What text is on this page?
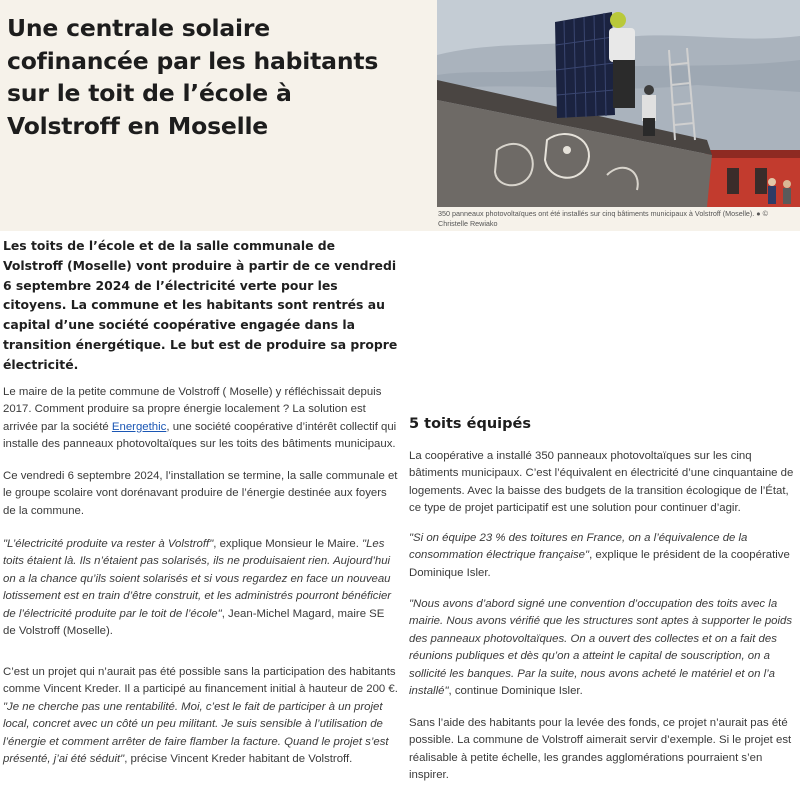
Une centrale solaire cofinancée par les habitants sur le toit de l’école à Volstroff en Moselle

350 panneaux photovoltaïques ont été installés sur cinq bâtiments municipaux à Volstroff (Moselle). ● © Christelle Rewiako

Les toits de l’école et de la salle communale de Volstroff (Moselle) vont produire à partir de ce vendredi 6 septembre 2024 de l’électricité verte pour les citoyens. La commune et les habitants sont rentrés au capital d’une société coopérative engagée dans la transition énergétique. Le but est de produire sa propre électricité.

Le maire de la petite commune de Volstroff ( Moselle) y réfléchissait depuis 2017. Comment produire sa propre énergie localement ? La solution est arrivée par la société Energethic, une société coopérative d’intérêt collectif qui installe des panneaux photovoltaïques sur les toits des bâtiments municipaux.

Ce vendredi 6 septembre 2024, l’installation se termine, la salle communale et le groupe scolaire vont dorénavant produire de l’énergie destinée aux foyers de la commune.

"L’électricité produite va rester à Volstroff", explique Monsieur le Maire. "Les toits étaient là. Ils n’étaient pas solarisés, ils ne produisaient rien. Aujourd’hui on a la chance qu’ils soient solarisés et si vous regardez en face un nouveau lotissement est en train d’être construit, et les administrés pourront bénéficier de l’électricité produite par le toit de l’école", Jean-Michel Magard, maire SE de Volstroff (Moselle).

C’est un projet qui n’aurait pas été possible sans la participation des habitants comme Vincent Kreder. Il a participé au financement initial à hauteur de 200 €. "Je ne cherche pas une rentabilité. Moi, c’est le fait de participer à un projet local, concret avec un côté un peu militant. Je suis sensible à l’utilisation de l’énergie et comment arrêter de faire flamber la facture. Quand le projet s’est présenté, j’ai été séduit", précise Vincent Kreder habitant de Volstroff.

5 toits équipés

La coopérative a installé 350 panneaux photovoltaïques sur les cinq bâtiments municipaux. C’est l’équivalent en électricité d’une cinquantaine de logements. Avec la baisse des budgets de la transition écologique de l’État, ce type de projet participatif est une solution pour continuer d’agir.

"Si on équipe 23 % des toitures en France, on a l’équivalence de la consommation électrique française", explique le président de la coopérative Dominique Isler.

"Nous avons d’abord signé une convention d’occupation des toits avec la mairie. Nous avons vérifié que les structures sont aptes à supporter le poids des panneaux photovoltaïques. On a ouvert des collectes et on a fait des réunions publiques et dès qu’on a atteint le capital de souscription, on a sollicité les banques. Par la suite, nous avons acheté le matériel et on l’a installé", continue Dominique Isler.

Sans l’aide des habitants pour la levée des fonds, ce projet n’aurait pas été possible. La commune de Volstroff aimerait servir d’exemple. Si le projet est réalisable à petite échelle, les grandes agglomérations pourraient s’en inspirer.
